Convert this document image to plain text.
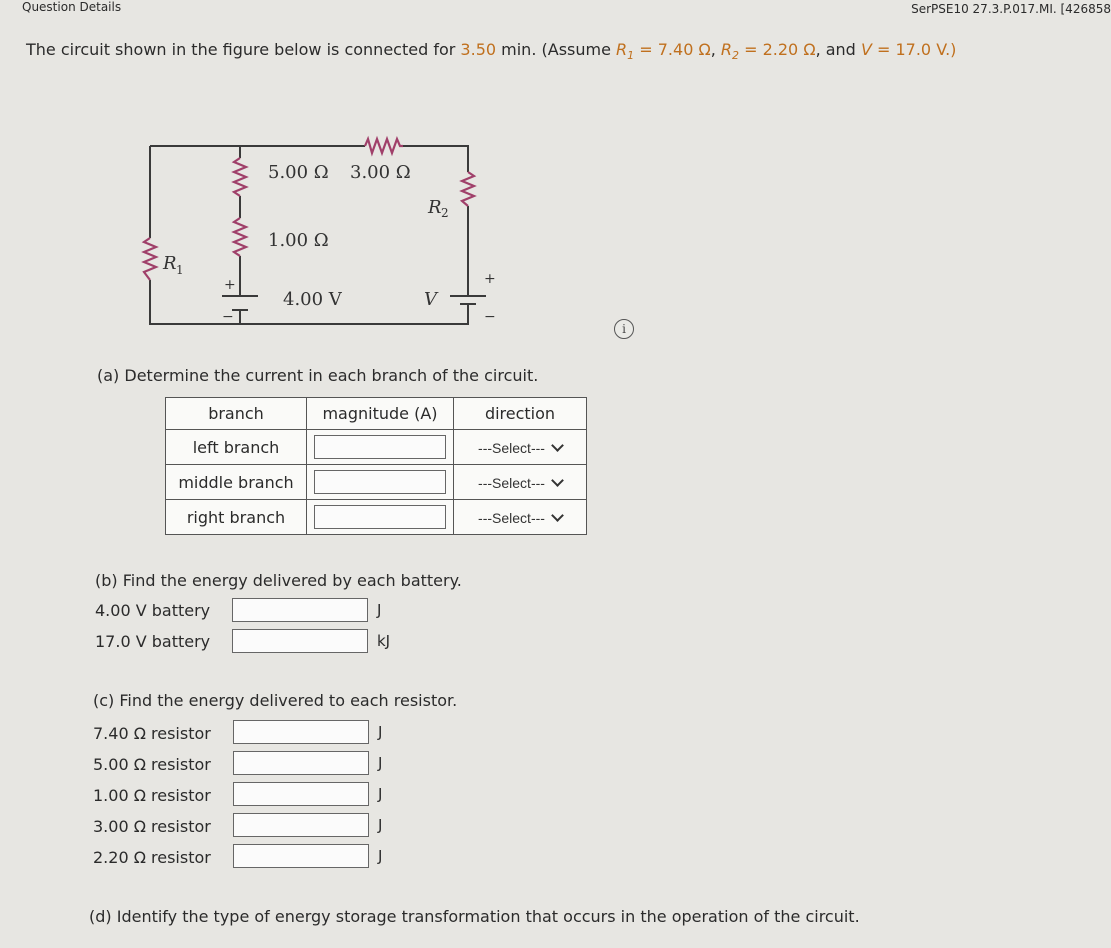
Question Details	SerPSE10 27.3.P.017.MI. [426858
The circuit shown in the figure below is connected for 3.50 min. (Assume $R_1 = 7.40$ Ω, $R_2 = 2.20$ Ω, and V = 17.0 V.)
5.00 Ω 3.00 Ω
1.00 Ω
4.00 V
R 1
R 2
V
+
−
+
−
i
(a) Determine the current in each branch of the circuit.
branch	magnitude (A)	direction
left branch		---Select---
middle branch		---Select---
right branch		---Select---
(b) Find the energy delivered by each battery.
4.00 V battery	J
17.0 V battery	kJ
(c) Find the energy delivered to each resistor.
7.40 Ω resistor	J
5.00 Ω resistor	J
1.00 Ω resistor	J
3.00 Ω resistor	J
2.20 Ω resistor	J
(d) Identify the type of energy storage transformation that occurs in the operation of the circuit.
